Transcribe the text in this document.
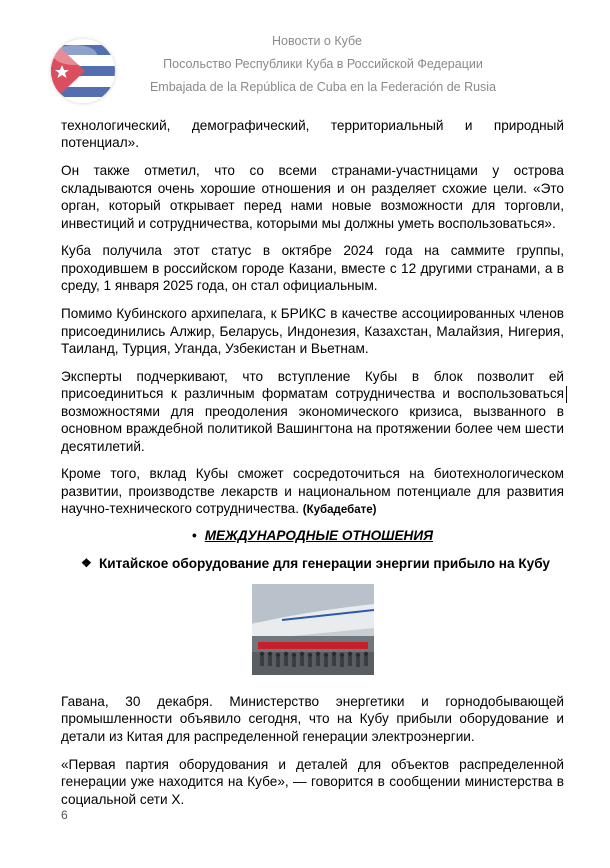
Новости о Кубе
Посольство Республики Куба в Российской Федерации
Embajada de la República de Cuba en la Federación de Rusia

технологический, демографический, территориальный и природный потенциал».

Он также отметил, что со всеми странами-участницами у острова складываются очень хорошие отношения и он разделяет схожие цели. «Это орган, который открывает перед нами новые возможности для торговли, инвестиций и сотрудничества, которыми мы должны уметь воспользоваться».

Куба получила этот статус в октябре 2024 года на саммите группы, проходившем в российском городе Казани, вместе с 12 другими странами, а в среду, 1 января 2025 года, он стал официальным.

Помимо Кубинского архипелага, к БРИКС в качестве ассоциированных членов присоединились Алжир, Беларусь, Индонезия, Казахстан, Малайзия, Нигерия, Таиланд, Турция, Уганда, Узбекистан и Вьетнам.

Эксперты подчеркивают, что вступление Кубы в блок позволит ей присоединиться к различным форматам сотрудничества и воспользоваться возможностями для преодоления экономического кризиса, вызванного в основном враждебной политикой Вашингтона на протяжении более чем шести десятилетий.

Кроме того, вклад Кубы сможет сосредоточиться на биотехнологическом развитии, производстве лекарств и национальном потенциале для развития научно-технического сотрудничества. (Кубадебате)

• МЕЖДУНАРОДНЫЕ ОТНОШЕНИЯ
❖ Китайское оборудование для генерации энергии прибыло на Кубу

Гавана, 30 декабря. Министерство энергетики и горнодобывающей промышленности объявило сегодня, что на Кубу прибыли оборудование и детали из Китая для распределенной генерации электроэнергии.

«Первая партия оборудования и деталей для объектов распределенной генерации уже находится на Кубе», — говорится в сообщении министерства в социальной сети Х.

6
